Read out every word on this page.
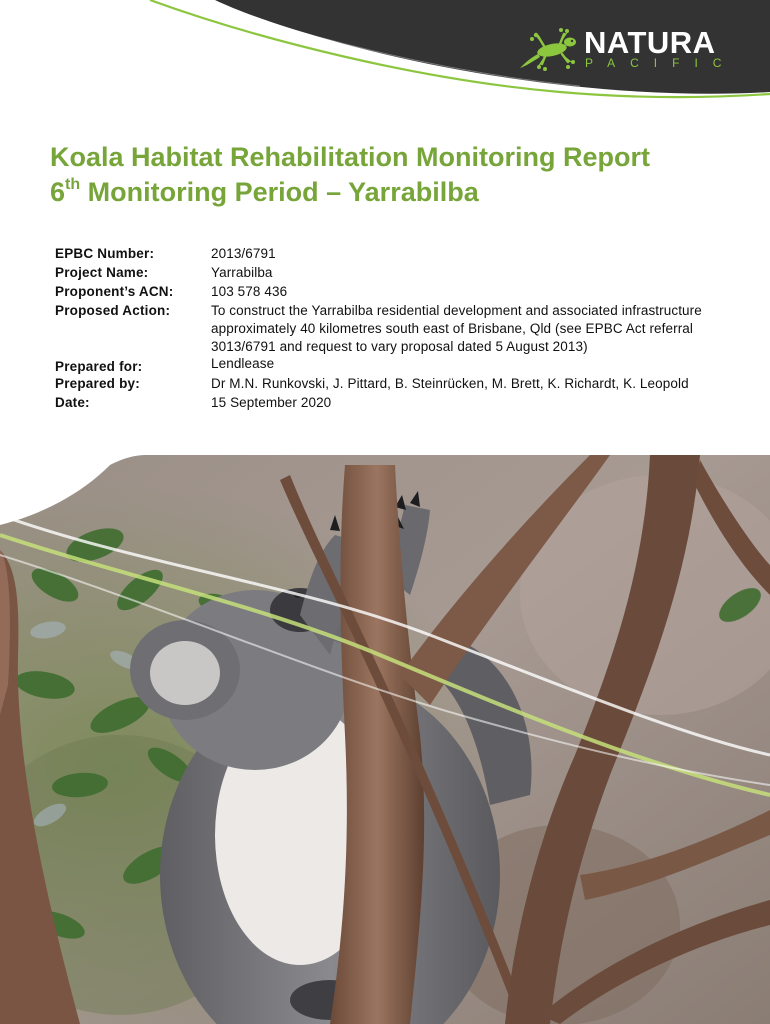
NATURA
PACIFIC
Koala Habitat Rehabilitation Monitoring Report
6th Monitoring Period – Yarrabilba
EPBC Number:	2013/6791
Project Name:	Yarrabilba
Proponent’s ACN:	103 578 436
Proposed Action:	To construct the Yarrabilba residential development and associated infrastructure
approximately 40 kilometres south east of Brisbane, Qld (see EPBC Act referral
3013/6791 and request to vary proposal dated 5 August 2013)
Prepared for:	Lendlease
Prepared by:	Dr M.N. Runkovski, J. Pittard, B. Steinrücken, M. Brett, K. Richardt, K. Leopold
Date:	15 September 2020
